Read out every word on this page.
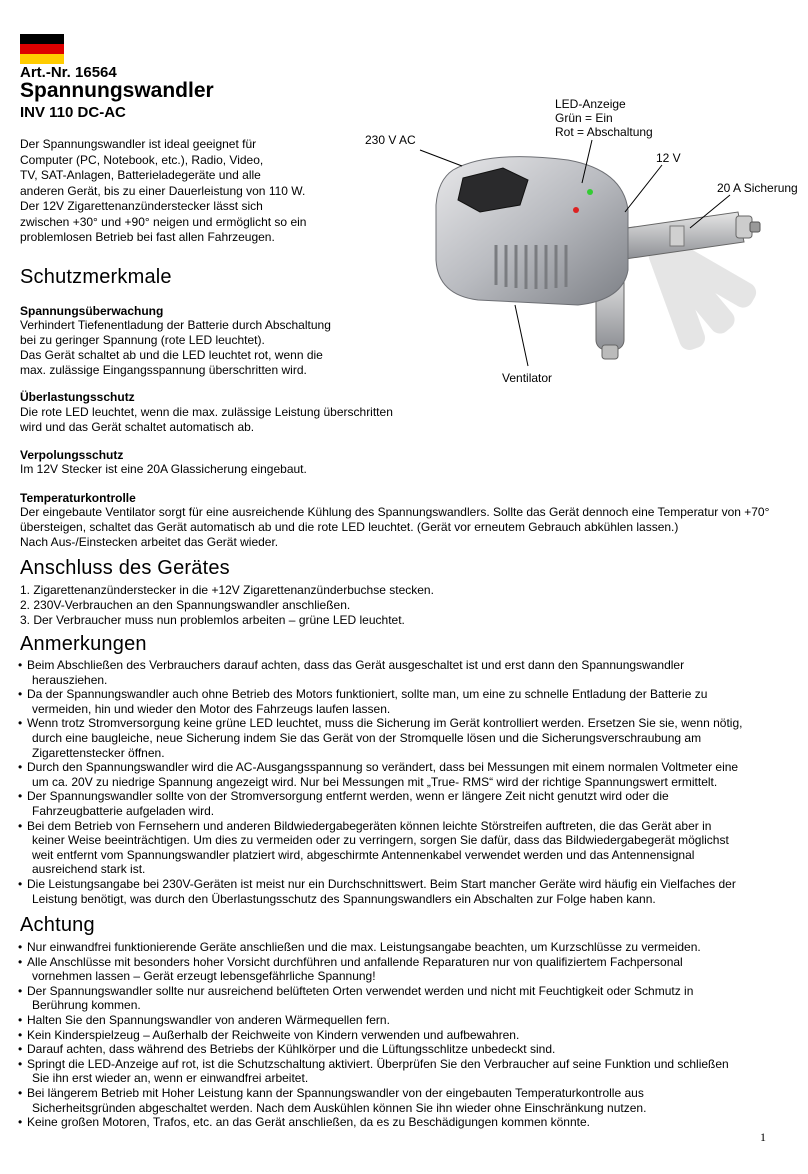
Art.-Nr. 16564
Spannungswandler
INV 110 DC-AC
Der Spannungswandler ist ideal geeignet für
Computer (PC, Notebook, etc.), Radio, Video,
TV, SAT-Anlagen, Batterieladegeräte und alle
anderen Gerät, bis zu einer Dauerleistung von 110 W.
Der 12V Zigarettenanzünderstecker lässt sich
zwischen +30° und +90° neigen und ermöglicht so ein
problemlosen Betrieb bei fast allen Fahrzeugen.
230 V AC
LED-Anzeige
Grün = Ein
Rot = Abschaltung
12 V
20 A Sicherung
Ventilator
Schutzmerkmale
Spannungsüberwachung
Verhindert Tiefenentladung der Batterie durch Abschaltung
bei zu geringer Spannung (rote LED leuchtet).
Das Gerät schaltet ab und die LED leuchtet rot, wenn die
max. zulässige Eingangsspannung überschritten wird.
Überlastungsschutz
Die rote LED leuchtet, wenn die max. zulässige Leistung überschritten
wird und das Gerät schaltet automatisch ab.
Verpolungsschutz
Im 12V Stecker ist eine 20A Glassicherung eingebaut.
Temperaturkontrolle
Der eingebaute Ventilator sorgt für eine ausreichende Kühlung des Spannungswandlers. Sollte das Gerät dennoch eine Temperatur von +70°
übersteigen, schaltet das Gerät automatisch ab und die rote LED leuchtet. (Gerät vor erneutem Gebrauch abkühlen lassen.)
Nach Aus-/Einstecken arbeitet das Gerät wieder.
Anschluss des Gerätes
1. Zigarettenanzünderstecker in die +12V Zigarettenanzünderbuchse stecken.
2. 230V-Verbrauchen an den Spannungswandler anschließen.
3. Der Verbraucher muss nun problemlos arbeiten – grüne LED leuchtet.
Anmerkungen
• Beim Abschließen des Verbrauchers darauf achten, dass das Gerät ausgeschaltet ist und erst dann den Spannungswandler
herausziehen.
• Da der Spannungswandler auch ohne Betrieb des Motors funktioniert, sollte man, um eine zu schnelle Entladung der Batterie zu
vermeiden, hin und wieder den Motor des Fahrzeugs laufen lassen.
• Wenn trotz Stromversorgung keine grüne LED leuchtet, muss die Sicherung im Gerät kontrolliert werden. Ersetzen Sie sie, wenn nötig,
durch eine baugleiche, neue Sicherung indem Sie das Gerät von der Stromquelle lösen und die Sicherungsverschraubung am
Zigarettenstecker öffnen.
• Durch den Spannungswandler wird die AC-Ausgangsspannung so verändert, dass bei Messungen mit einem normalen Voltmeter eine
um ca. 20V zu niedrige Spannung angezeigt wird. Nur bei Messungen mit „True- RMS“ wird der richtige Spannungswert ermittelt.
• Der Spannungswandler sollte von der Stromversorgung entfernt werden, wenn er längere Zeit nicht genutzt wird oder die
Fahrzeugbatterie aufgeladen wird.
• Bei dem Betrieb von Fernsehern und anderen Bildwiedergabegeräten können leichte Störstreifen auftreten, die das Gerät aber in
keiner Weise beeinträchtigen. Um dies zu vermeiden oder zu verringern, sorgen Sie dafür, dass das Bildwiedergabegerät möglichst
weit entfernt vom Spannungswandler platziert wird, abgeschirmte Antennenkabel verwendet werden und das Antennensignal
ausreichend stark ist.
• Die Leistungsangabe bei 230V-Geräten ist meist nur ein Durchschnittswert. Beim Start mancher Geräte wird häufig ein Vielfaches der
Leistung benötigt, was durch den Überlastungsschutz des Spannungswandlers ein Abschalten zur Folge haben kann.
Achtung
• Nur einwandfrei funktionierende Geräte anschließen und die max. Leistungsangabe beachten, um Kurzschlüsse zu vermeiden.
• Alle Anschlüsse mit besonders hoher Vorsicht durchführen und anfallende Reparaturen nur von qualifiziertem Fachpersonal
vornehmen lassen – Gerät erzeugt lebensgefährliche Spannung!
• Der Spannungswandler sollte nur ausreichend belüfteten Orten verwendet werden und nicht mit Feuchtigkeit oder Schmutz in
Berührung kommen.
• Halten Sie den Spannungswandler von anderen Wärmequellen fern.
• Kein Kinderspielzeug – Außerhalb der Reichweite von Kindern verwenden und aufbewahren.
• Darauf achten, dass während des Betriebs der Kühlkörper und die Lüftungsschlitze unbedeckt sind.
• Springt die LED-Anzeige auf rot, ist die Schutzschaltung aktiviert. Überprüfen Sie den Verbraucher auf seine Funktion und schließen
Sie ihn erst wieder an, wenn er einwandfrei arbeitet.
• Bei längerem Betrieb mit Hoher Leistung kann der Spannungswandler von der eingebauten Temperaturkontrolle aus
Sicherheitsgründen abgeschaltet werden. Nach dem Auskühlen können Sie ihn wieder ohne Einschränkung nutzen.
• Keine großen Motoren, Trafos, etc. an das Gerät anschließen, da es zu Beschädigungen kommen könnte.
1
